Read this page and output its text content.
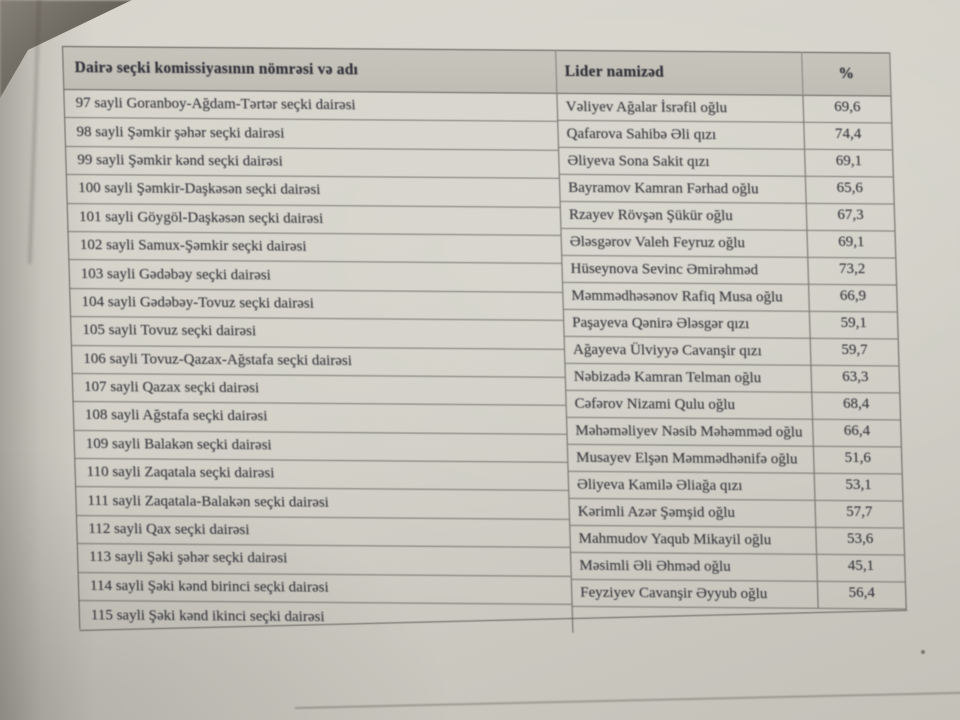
Dairə seçki komissiyasının nömrəsi və adı
97 sayli Goranboy-Ağdam-Tərtər seçki dairəsi
98 sayli Şəmkir şəhər seçki dairəsi
99 sayli Şəmkir kənd seçki dairəsi
100 sayli Şəmkir-Daşkəsən seçki dairəsi
101 sayli Göygöl-Daşkəsən seçki dairəsi
102 sayli Samux-Şəmkir seçki dairəsi
103 sayli Gədəbəy seçki dairəsi
104 sayli Gədəbəy-Tovuz seçki dairəsi
105 sayli Tovuz seçki dairəsi
106 sayli Tovuz-Qazax-Ağstafa seçki dairəsi
107 sayli Qazax seçki dairəsi
108 sayli Ağstafa seçki dairəsi
109 sayli Balakən seçki dairəsi
110 sayli Zaqatala seçki dairəsi
111 sayli Zaqatala-Balakən seçki dairəsi
112 sayli Qax seçki dairəsi
113 sayli Şəki şəhər seçki dairəsi
114 sayli Şəki kənd birinci seçki dairəsi
115 sayli Şəki kənd ikinci seçki dairəsi
Lider namizəd
Vəliyev Ağalar İsrəfil oğlu
Qafarova Sahibə Əli qızı
Əliyeva Sona Sakit qızı
Bayramov Kamran Fərhad oğlu
Rzayev Rövşən Şükür oğlu
Ələsgərov Valeh Feyruz oğlu
Hüseynova Sevinc Əmirəhməd
Məmmədhəsənov Rafiq Musa oğlu
Paşayeva Qənirə Ələsgər qızı
Ağayeva Ülviyyə Cavanşir qızı
Nəbizadə Kamran Telman oğlu
Cəfərov Nizami Qulu oğlu
Məhəməliyev Nəsib Məhəmməd oğlu
Musayev Elşən Məmmədhənifə oğlu
Əliyeva Kamilə Əliağa qızı
Kərimli Azər Şəmşid oğlu
Mahmudov Yaqub Mikayil oğlu
Məsimli Əli Əhməd oğlu
Feyziyev Cavanşir Əyyub oğlu
%
69,6
74,4
69,1
65,6
67,3
69,1
73,2
66,9
59,1
59,7
63,3
68,4
66,4
51,6
53,1
57,7
53,6
45,1
56,4
